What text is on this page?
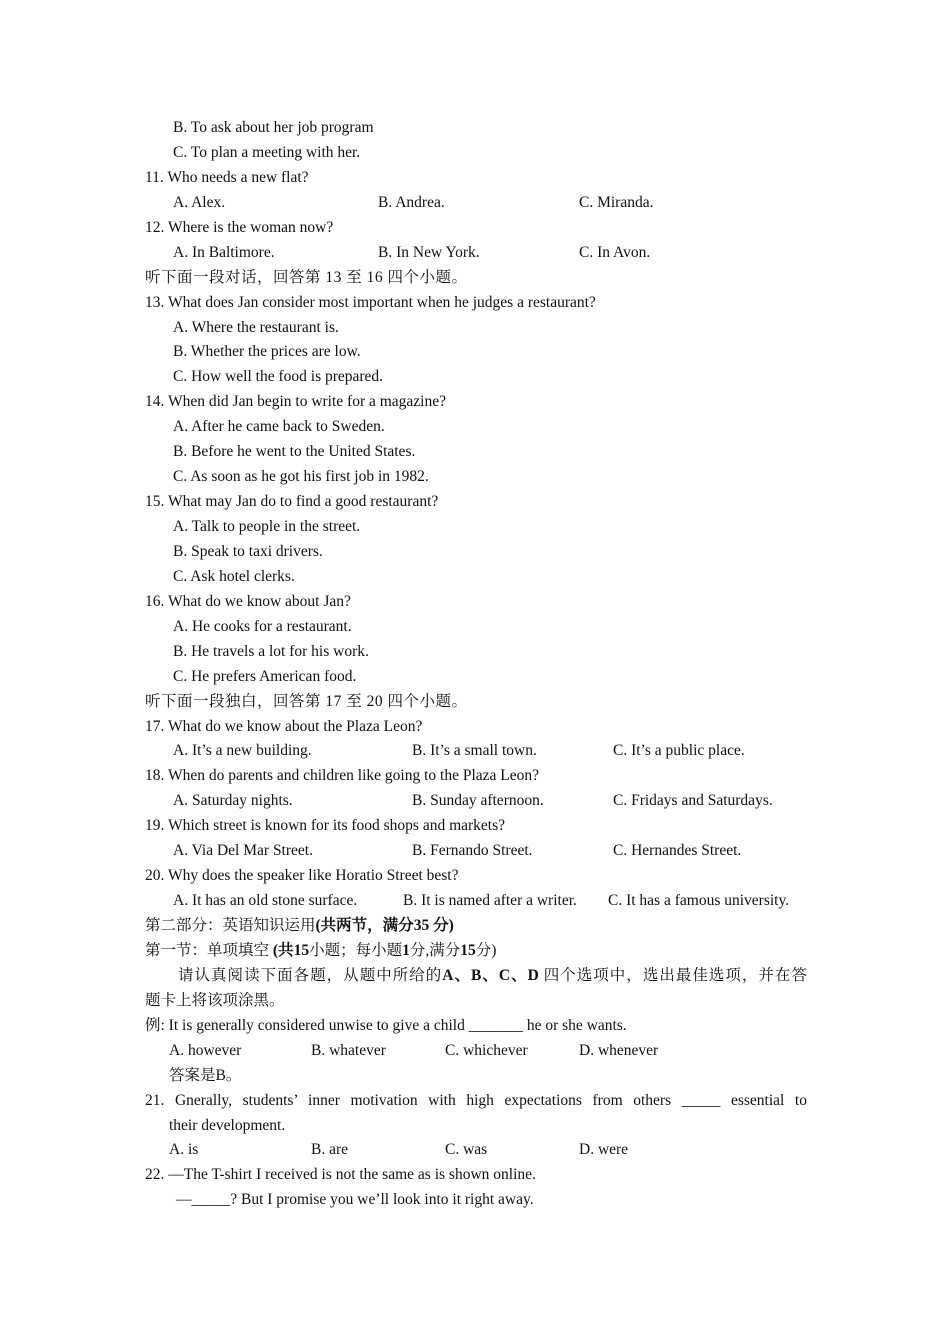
B. To ask about her job program
C. To plan a meeting with her.
11. Who needs a new flat?
A. Alex.	B. Andrea.	C. Miranda.
12. Where is the woman now?
A. In Baltimore.	B. In New York.	C. In Avon.
听下面一段对话，回答第 13 至 16 四个小题。
13. What does Jan consider most important when he judges a restaurant?
A. Where the restaurant is.
B. Whether the prices are low.
C. How well the food is prepared.
14. When did Jan begin to write for a magazine?
A. After he came back to Sweden.
B. Before he went to the United States.
C. As soon as he got his first job in 1982.
15. What may Jan do to find a good restaurant?
A. Talk to people in the street.
B. Speak to taxi drivers.
C. Ask hotel clerks.
16. What do we know about Jan?
A. He cooks for a restaurant.
B. He travels a lot for his work.
C. He prefers American food.
听下面一段独白，回答第 17 至 20 四个小题。
17. What do we know about the Plaza Leon?
A. It’s a new building.	B. It’s a small town.	C. It’s a public place.
18. When do parents and children like going to the Plaza Leon?
A. Saturday nights.	B. Sunday afternoon.	C. Fridays and Saturdays.
19. Which street is known for its food shops and markets?
A. Via Del Mar Street.	B. Fernando Street.	C. Hernandes Street.
20. Why does the speaker like Horatio Street best?
A. It has an old stone surface.	B. It is named after a writer. C. It has a famous university.
第二部分：英语知识运用(共两节，满分35 分)
第一节：单项填空 (共15小题；每小题1分,满分15分)
请认真阅读下面各题，从题中所给的A、B、C、D 四个选项中，选出最佳选项，并在答
题卡上将该项涂黑。
例: It is generally considered unwise to give a child _______ he or she wants.
A. however	B. whatever	C. whichever	D. whenever
答案是B。
21. Gnerally, students’ inner motivation with high expectations from others _____ essential to
their development.
A. is	B. are	C. was	D. were
22. —The T-shirt I received is not the same as is shown online.
—_____? But I promise you we’ll look into it right away.
